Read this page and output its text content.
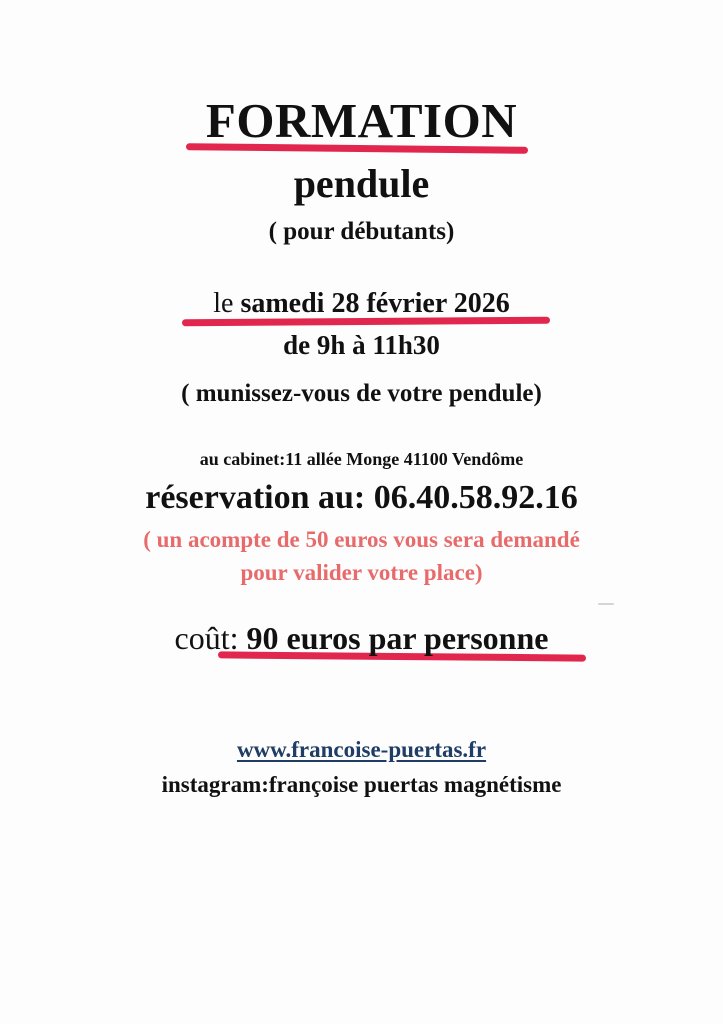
FORMATION
pendule
( pour débutants)
le samedi 28 février 2026
de 9h à 11h30
( munissez-vous de votre pendule)
au cabinet:11 allée Monge 41100 Vendôme
réservation au: 06.40.58.92.16
( un acompte de 50 euros vous sera demandé
pour valider votre place)
coût: 90 euros par personne
www.francoise-puertas.fr
instagram:françoise puertas magnétisme
